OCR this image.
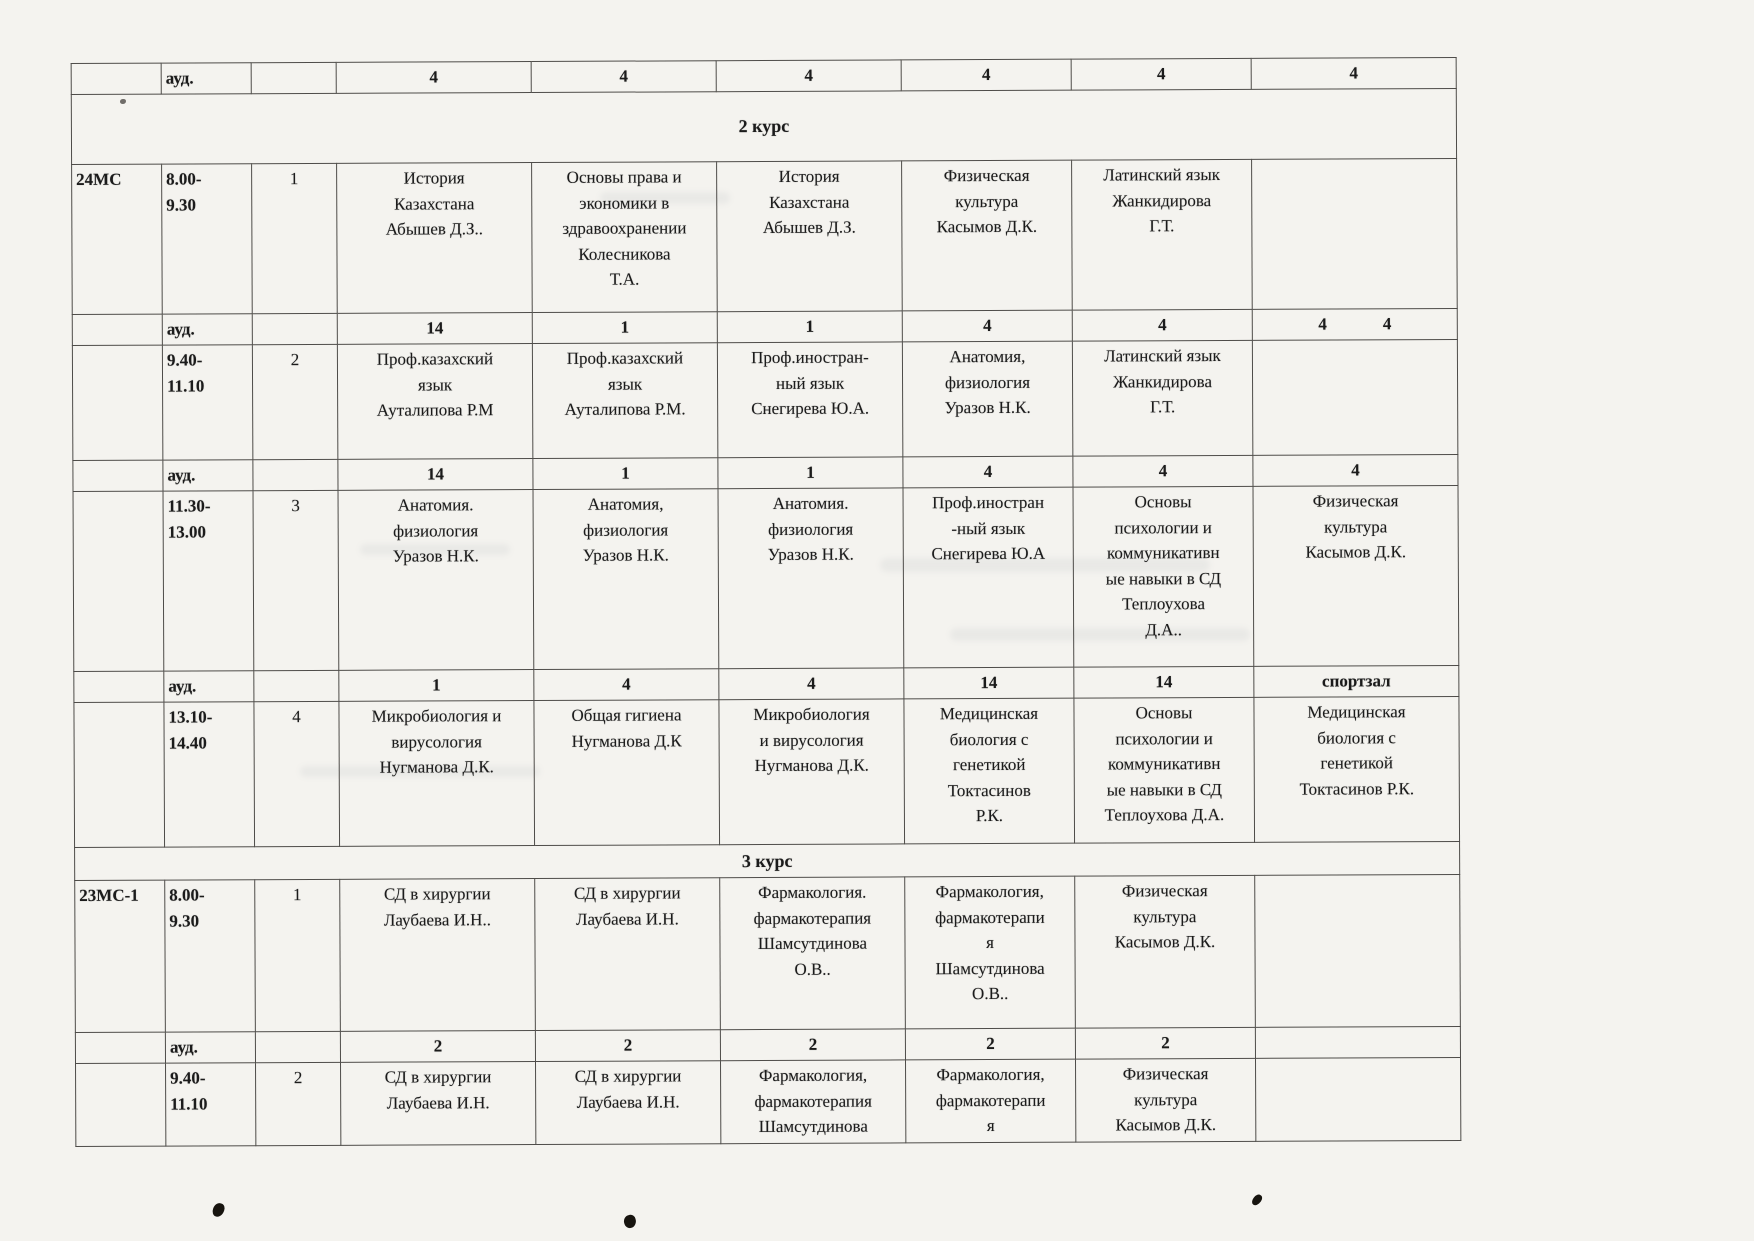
	ауд.		4	4	4	4	4	4

2 курс								
24МС	8.00-
9.30	1	История
Казахстана
Абышев Д.З..	Основы права и
экономики в
здравоохранении
Колесникова
Т.А.	История
Казахстана
Абышев Д.З.	Физическая
культура
Касымов Д.К.	Латинский язык
Жанкидирова
Г.Т.	
	ауд.		14	1	1	4	4	4 4

	9.40-
11.10	2	Проф.казахский
язык
Ауталипова Р.М	Проф.казахский
язык
Ауталипова Р.М.	Проф.иностран-
ный язык
Снегирева Ю.А.	Анатомия,
физиология
Уразов Н.К.	Латинский язык
Жанкидирова
Г.Т.	
	ауд.		14	1	1	4	4	4

	11.30-
13.00	3	Анатомия.
физиология
Уразов Н.К.	Анатомия,
физиология
Уразов Н.К.	Анатомия.
физиология
Уразов Н.К.	Проф.иностран
-ный язык
Снегирева Ю.А	Основы
психологии и
коммуникативн
ые навыки в СД
Теплоухова
Д.А..	Физическая
культура
Касымов Д.К.
	ауд.		1	4	4	14	14	спортзал

	13.10-
14.40	4	Микробиология и
вирусология
Нугманова Д.К.	Общая гигиена
Нугманова Д.К	Микробиология
и вирусология
Нугманова Д.К.	Медицинская
биология с
генетикой
Токтасинов
Р.К.	Основы
психологии и
коммуникативн
ые навыки в СД
Теплоухова Д.А.	Медицинская
биология с
генетикой
Токтасинов Р.К.
3 курс								
23МС-1	8.00-
9.30	1	СД в хирургии
Лаубаева И.Н..	СД в хирургии
Лаубаева И.Н.	Фармакология.
фармакотерапия
Шамсутдинова
О.В..	Фармакология,
фармакотерапи
я
Шамсутдинова
О.В..	Физическая
культура
Касымов Д.К.	
	ауд.		2	2	2	2	2	

	9.40-
11.10	2	СД в хирургии
Лаубаева И.Н.	СД в хирургии
Лаубаева И.Н.	Фармакология,
фармакотерапия
Шамсутдинова	Фармакология,
фармакотерапи
я	Физическая
культура
Касымов Д.К.	
